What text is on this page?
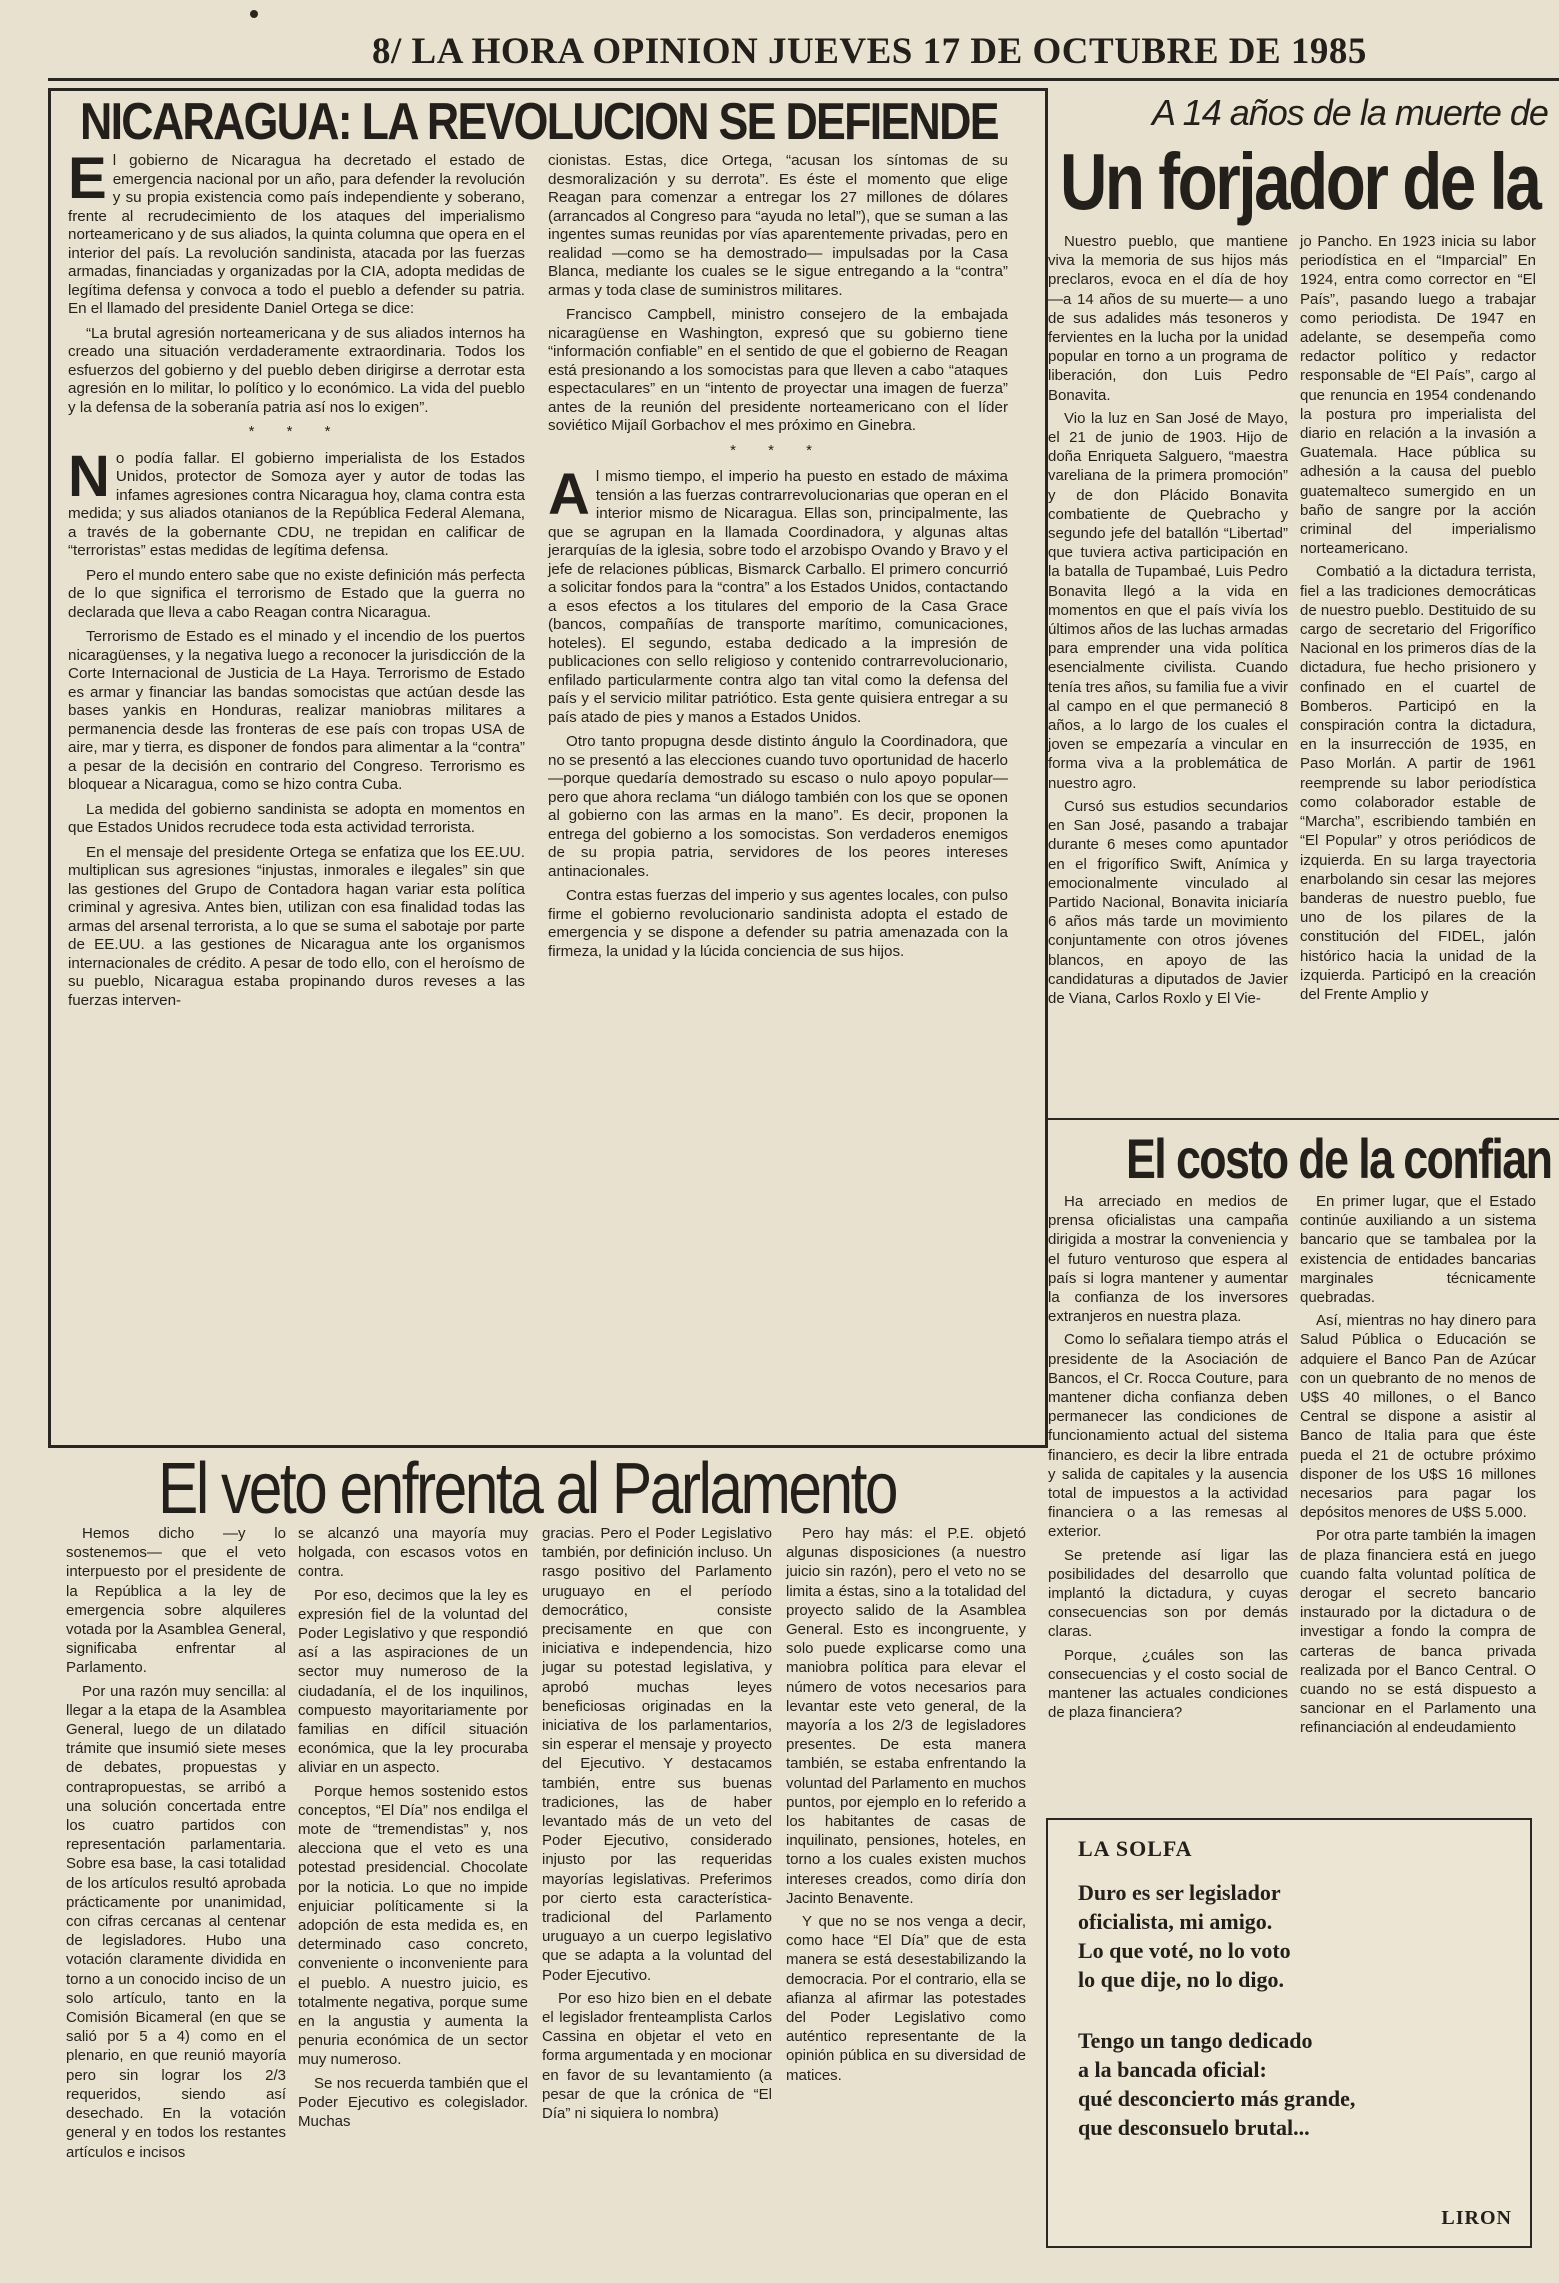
8/ LA HORA OPINION JUEVES 17 DE OCTUBRE DE 1985
NICARAGUA: LA REVOLUCION SE DEFIENDE

El gobierno de Nicaragua ha decretado el estado de emergencia nacional por un año, para defender la revolución y su propia existencia como país independiente y soberano, frente al recrudecimiento de los ataques del imperialismo norteamericano y de sus aliados, la quinta columna que opera en el interior del país. La revolución sandinista, atacada por las fuerzas armadas, financiadas y organizadas por la CIA, adopta medidas de legítima defensa y convoca a todo el pueblo a defender su patria. En el llamado del presidente Daniel Ortega se dice:

“La brutal agresión norteamericana y de sus aliados internos ha creado una situación verdaderamente extraordinaria. Todos los esfuerzos del gobierno y del pueblo deben dirigirse a derrotar esta agresión en lo militar, lo político y lo económico. La vida del pueblo y la defensa de la soberanía patria así nos lo exigen”.

* * *

No podía fallar. El gobierno imperialista de los Estados Unidos, protector de Somoza ayer y autor de todas las infames agresiones contra Nicaragua hoy, clama contra esta medida; y sus aliados otanianos de la República Federal Alemana, a través de la gobernante CDU, ne trepidan en calificar de “terroristas” estas medidas de legítima defensa.

Pero el mundo entero sabe que no existe definición más perfecta de lo que significa el terrorismo de Estado que la guerra no declarada que lleva a cabo Reagan contra Nicaragua.

Terrorismo de Estado es el minado y el incendio de los puertos nicaragüenses, y la negativa luego a reconocer la jurisdicción de la Corte Internacional de Justicia de La Haya. Terrorismo de Estado es armar y financiar las bandas somocistas que actúan desde las bases yankis en Honduras, realizar maniobras militares a permanencia desde las fronteras de ese país con tropas USA de aire, mar y tierra, es disponer de fondos para alimentar a la “contra” a pesar de la decisión en contrario del Congreso. Terrorismo es bloquear a Nicaragua, como se hizo contra Cuba.

La medida del gobierno sandinista se adopta en momentos en que Estados Unidos recrudece toda esta actividad terrorista.

En el mensaje del presidente Ortega se enfatiza que los EE.UU. multiplican sus agresiones “injustas, inmorales e ilegales” sin que las gestiones del Grupo de Contadora hagan variar esta política criminal y agresiva. Antes bien, utilizan con esa finalidad todas las armas del arsenal terrorista, a lo que se suma el sabotaje por parte de EE.UU. a las gestiones de Nicaragua ante los organismos internacionales de crédito. A pesar de todo ello, con el heroísmo de su pueblo, Nicaragua estaba propinando duros reveses a las fuerzas interven-

cionistas. Estas, dice Ortega, “acusan los síntomas de su desmoralización y su derrota”. Es éste el momento que elige Reagan para comenzar a entregar los 27 millones de dólares (arrancados al Congreso para “ayuda no letal”), que se suman a las ingentes sumas reunidas por vías aparentemente privadas, pero en realidad —como se ha demostrado— impulsadas por la Casa Blanca, mediante los cuales se le sigue entregando a la “contra” armas y toda clase de suministros militares.

Francisco Campbell, ministro consejero de la embajada nicaragüense en Washington, expresó que su gobierno tiene “información confiable” en el sentido de que el gobierno de Reagan está presionando a los somocistas para que lleven a cabo “ataques espectaculares” en un “intento de proyectar una imagen de fuerza” antes de la reunión del presidente norteamericano con el líder soviético Mijaíl Gorbachov el mes próximo en Ginebra.

* * *

Al mismo tiempo, el imperio ha puesto en estado de máxima tensión a las fuerzas contrarrevolucionarias que operan en el interior mismo de Nicaragua. Ellas son, principalmente, las que se agrupan en la llamada Coordinadora, y algunas altas jerarquías de la iglesia, sobre todo el arzobispo Ovando y Bravo y el jefe de relaciones públicas, Bismarck Carballo. El primero concurrió a solicitar fondos para la “contra” a los Estados Unidos, contactando a esos efectos a los titulares del emporio de la Casa Grace (bancos, compañías de transporte marítimo, comunicaciones, hoteles). El segundo, estaba dedicado a la impresión de publicaciones con sello religioso y contenido contrarrevolucionario, enfilado particularmente contra algo tan vital como la defensa del país y el servicio militar patriótico. Esta gente quisiera entregar a su país atado de pies y manos a Estados Unidos.

Otro tanto propugna desde distinto ángulo la Coordinadora, que no se presentó a las elecciones cuando tuvo oportunidad de hacerlo —porque quedaría demostrado su escaso o nulo apoyo popular— pero que ahora reclama “un diálogo también con los que se oponen al gobierno con las armas en la mano”. Es decir, proponen la entrega del gobierno a los somocistas. Son verdaderos enemigos de su propia patria, servidores de los peores intereses antinacionales.

Contra estas fuerzas del imperio y sus agentes locales, con pulso firme el gobierno revolucionario sandinista adopta el estado de emergencia y se dispone a defender su patria amenazada con la firmeza, la unidad y la lúcida conciencia de sus hijos.

A 14 años de la muerte de
Un forjador de la

Nuestro pueblo, que mantiene viva la memoria de sus hijos más preclaros, evoca en el día de hoy —a 14 años de su muerte— a uno de sus adalides más tesoneros y fervientes en la lucha por la unidad popular en torno a un programa de liberación, don Luis Pedro Bonavita.

Vio la luz en San José de Mayo, el 21 de junio de 1903. Hijo de doña Enriqueta Salguero, “maestra vareliana de la primera promoción” y de don Plácido Bonavita combatiente de Quebracho y segundo jefe del batallón “Libertad” que tuviera activa participación en la batalla de Tupambaé, Luis Pedro Bonavita llegó a la vida en momentos en que el país vivía los últimos años de las luchas armadas para emprender una vida política esencialmente civilista. Cuando tenía tres años, su familia fue a vivir al campo en el que permaneció 8 años, a lo largo de los cuales el joven se empezaría a vincular en forma viva a la problemática de nuestro agro.

Cursó sus estudios secundarios en San José, pasando a trabajar durante 6 meses como apuntador en el frigorífico Swift, Anímica y emocionalmente vinculado al Partido Nacional, Bonavita iniciaría 6 años más tarde un movimiento conjuntamente con otros jóvenes blancos, en apoyo de las candidaturas a diputados de Javier de Viana, Carlos Roxlo y El Vie-

jo Pancho. En 1923 inicia su labor periodística en el “Imparcial” En 1924, entra como corrector en “El País”, pasando luego a trabajar como periodista. De 1947 en adelante, se desempeña como redactor político y redactor responsable de “El País”, cargo al que renuncia en 1954 condenando la postura pro imperialista del diario en relación a la invasión a Guatemala. Hace pública su adhesión a la causa del pueblo guatemalteco sumergido en un baño de sangre por la acción criminal del imperialismo norteamericano.

Combatió a la dictadura terrista, fiel a las tradiciones democráticas de nuestro pueblo. Destituido de su cargo de secretario del Frigorífico Nacional en los primeros días de la dictadura, fue hecho prisionero y confinado en el cuartel de Bomberos. Participó en la conspiración contra la dictadura, en la insurrección de 1935, en Paso Morlán. A partir de 1961 reemprende su labor periodística como colaborador estable de “Marcha”, escribiendo también en “El Popular” y otros periódicos de izquierda. En su larga trayectoria enarbolando sin cesar las mejores banderas de nuestro pueblo, fue uno de los pilares de la constitución del FIDEL, jalón histórico hacia la unidad de la izquierda. Participó en la creación del Frente Amplio y

El costo de la confian

Ha arreciado en medios de prensa oficialistas una campaña dirigida a mostrar la conveniencia y el futuro venturoso que espera al país si logra mantener y aumentar la confianza de los inversores extranjeros en nuestra plaza.

Como lo señalara tiempo atrás el presidente de la Asociación de Bancos, el Cr. Rocca Couture, para mantener dicha confianza deben permanecer las condiciones de funcionamiento actual del sistema financiero, es decir la libre entrada y salida de capitales y la ausencia total de impuestos a la actividad financiera o a las remesas al exterior.

Se pretende así ligar las posibilidades del desarrollo que implantó la dictadura, y cuyas consecuencias son por demás claras.

Porque, ¿cuáles son las consecuencias y el costo social de mantener las actuales condiciones de plaza financiera?

En primer lugar, que el Estado continúe auxiliando a un sistema bancario que se tambalea por la existencia de entidades bancarias marginales técnicamente quebradas.

Así, mientras no hay dinero para Salud Pública o Educación se adquiere el Banco Pan de Azúcar con un quebranto de no menos de U$S 40 millones, o el Banco Central se dispone a asistir al Banco de Italia para que éste pueda el 21 de octubre próximo disponer de los U$S 16 millones necesarios para pagar los depósitos menores de U$S 5.000.

Por otra parte también la imagen de plaza financiera está en juego cuando falta voluntad política de derogar el secreto bancario instaurado por la dictadura o de investigar a fondo la compra de carteras de banca privada realizada por el Banco Central. O cuando no se está dispuesto a sancionar en el Parlamento una refinanciación al endeudamiento

El veto enfrenta al Parlamento

Hemos dicho —y lo sostenemos— que el veto interpuesto por el presidente de la República a la ley de emergencia sobre alquileres votada por la Asamblea General, significaba enfrentar al Parlamento.

Por una razón muy sencilla: al llegar a la etapa de la Asamblea General, luego de un dilatado trámite que insumió siete meses de debates, propuestas y contrapropuestas, se arribó a una solución concertada entre los cuatro partidos con representación parlamentaria. Sobre esa base, la casi totalidad de los artículos resultó aprobada prácticamente por unanimidad, con cifras cercanas al centenar de legisladores. Hubo una votación claramente dividida en torno a un conocido inciso de un solo artículo, tanto en la Comisión Bicameral (en que se salió por 5 a 4) como en el plenario, en que reunió mayoría pero sin lograr los 2/3 requeridos, siendo así desechado. En la votación general y en todos los restantes artículos e incisos

se alcanzó una mayoría muy holgada, con escasos votos en contra.

Por eso, decimos que la ley es expresión fiel de la voluntad del Poder Legislativo y que respondió así a las aspiraciones de un sector muy numeroso de la ciudadanía, el de los inquilinos, compuesto mayoritariamente por familias en difícil situación económica, que la ley procuraba aliviar en un aspecto.

Porque hemos sostenido estos conceptos, “El Día” nos endilga el mote de “tremendistas” y, nos alecciona que el veto es una potestad presidencial. Chocolate por la noticia. Lo que no impide enjuiciar políticamente si la adopción de esta medida es, en determinado caso concreto, conveniente o inconveniente para el pueblo. A nuestro juicio, es totalmente negativa, porque sume en la angustia y aumenta la penuria económica de un sector muy numeroso.

Se nos recuerda también que el Poder Ejecutivo es colegislador. Muchas

gracias. Pero el Poder Legislativo también, por definición incluso. Un rasgo positivo del Parlamento uruguayo en el período democrático, consiste precisamente en que con iniciativa e independencia, hizo jugar su potestad legislativa, y aprobó muchas leyes beneficiosas originadas en la iniciativa de los parlamentarios, sin esperar el mensaje y proyecto del Ejecutivo. Y destacamos también, entre sus buenas tradiciones, las de haber levantado más de un veto del Poder Ejecutivo, considerado injusto por las requeridas mayorías legislativas. Preferimos por cierto esta característica-tradicional del Parlamento uruguayo a un cuerpo legislativo que se adapta a la voluntad del Poder Ejecutivo.

Por eso hizo bien en el debate el legislador frenteamplista Carlos Cassina en objetar el veto en forma argumentada y en mocionar en favor de su levantamiento (a pesar de que la crónica de “El Día” ni siquiera lo nombra)

Pero hay más: el P.E. objetó algunas disposiciones (a nuestro juicio sin razón), pero el veto no se limita a éstas, sino a la totalidad del proyecto salido de la Asamblea General. Esto es incongruente, y solo puede explicarse como una maniobra política para elevar el número de votos necesarios para levantar este veto general, de la mayoría a los 2/3 de legisladores presentes. De esta manera también, se estaba enfrentando la voluntad del Parlamento en muchos puntos, por ejemplo en lo referido a los habitantes de casas de inquilinato, pensiones, hoteles, en torno a los cuales existen muchos intereses creados, como diría don Jacinto Benavente.

Y que no se nos venga a decir, como hace “El Día” que de esta manera se está desestabilizando la democracia. Por el contrario, ella se afianza al afirmar las potestades del Poder Legislativo como auténtico representante de la opinión pública en su diversidad de matices.

LA SOLFA
Duro es ser legislador
oficialista, mi amigo.
Lo que voté, no lo voto
lo que dije, no lo digo.
Tengo un tango dedicado
a la bancada oficial:
qué desconcierto más grande,
que desconsuelo brutal...
LIRON
